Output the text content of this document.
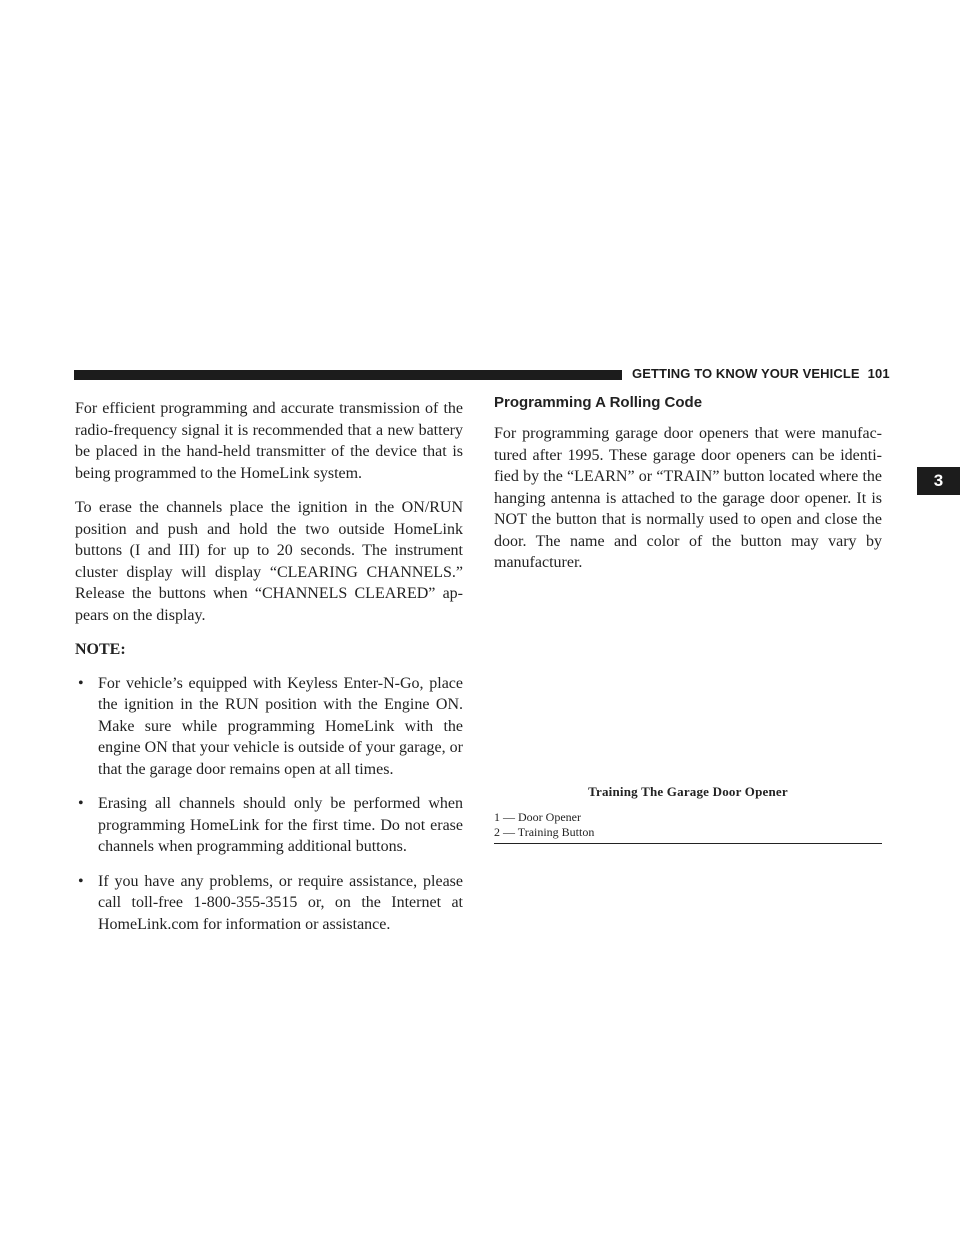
GETTING TO KNOW YOUR VEHICLE 101
3

For efficient programming and accurate transmission of the radio-frequency signal it is recommended that a new battery be placed in the hand-held transmitter of the device that is being programmed to the HomeLink system.

To erase the channels place the ignition in the ON/RUN position and push and hold the two outside HomeLink buttons (I and III) for up to 20 seconds. The instrument cluster display will display “CLEARING CHANNELS.” Release the buttons when “CHANNELS CLEARED” ap-pears on the display.

NOTE:
• For vehicle’s equipped with Keyless Enter-N-Go, place the ignition in the RUN position with the Engine ON. Make sure while programming HomeLink with the engine ON that your vehicle is outside of your garage, or that the garage door remains open at all times.
• Erasing all channels should only be performed when programming HomeLink for the first time. Do not erase channels when programming additional buttons.
• If you have any problems, or require assistance, please call toll-free 1-800-355-3515 or, on the Internet at HomeLink.com for information or assistance.
Programming A Rolling Code

For programming garage door openers that were manufac-tured after 1995. These garage door openers can be identi-fied by the “LEARN” or “TRAIN” button located where the hanging antenna is attached to the garage door opener. It is NOT the button that is normally used to open and close the door. The name and color of the button may vary by manufacturer.

Training The Garage Door Opener
1 — Door Opener
2 — Training Button
